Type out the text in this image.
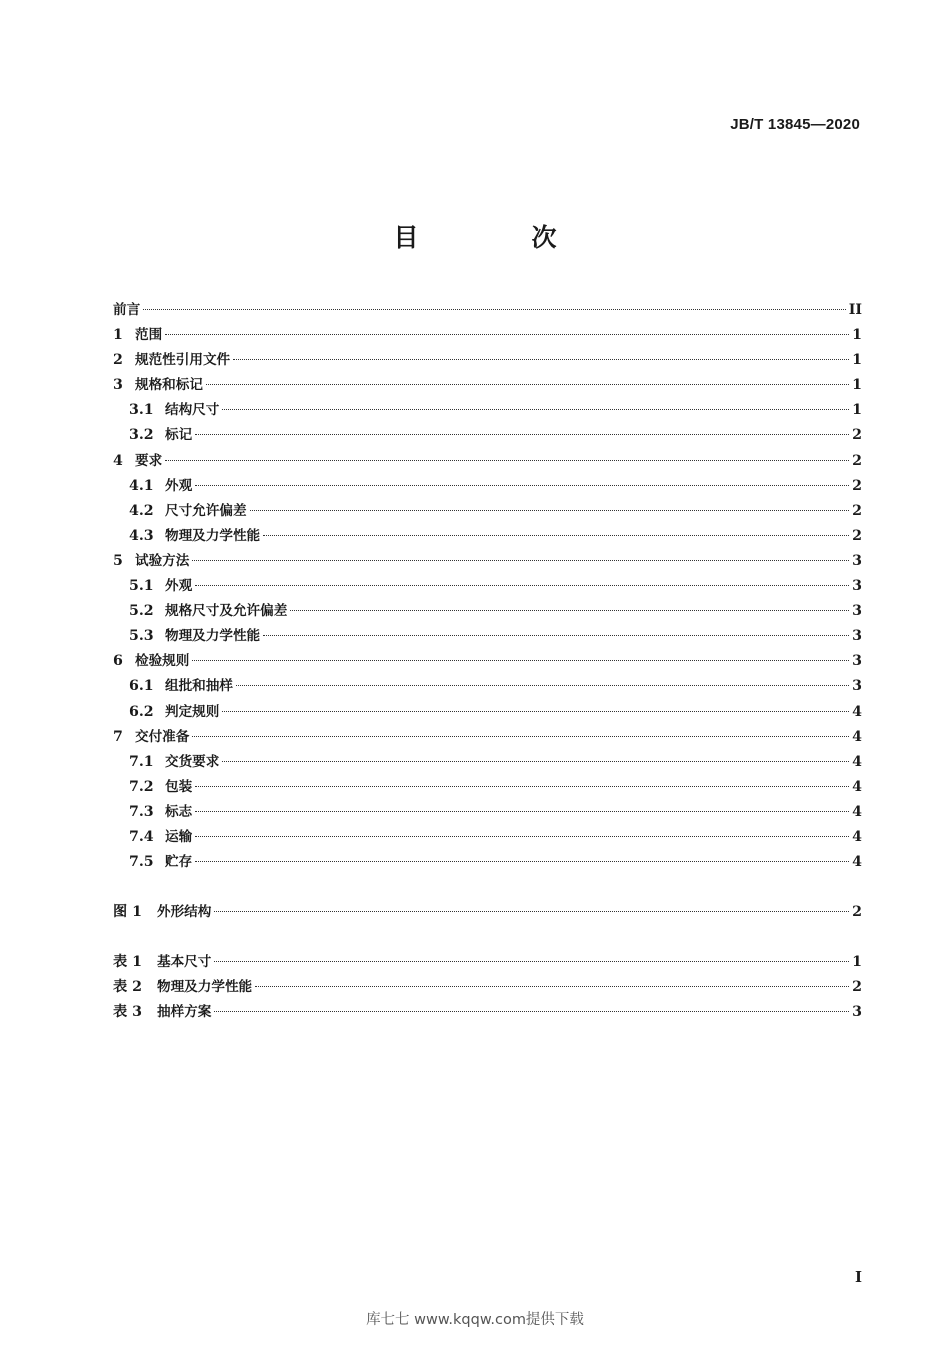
JB/T 13845—2020
目　次
前言	II
1 范围	1
2 规范性引用文件	1
3 规格和标记	1
3.1 结构尺寸	1
3.2 标记	2
4 要求	2
4.1 外观	2
4.2 尺寸允许偏差	2
4.3 物理及力学性能	2
5 试验方法	3
5.1 外观	3
5.2 规格尺寸及允许偏差	3
5.3 物理及力学性能	3
6 检验规则	3
6.1 组批和抽样	3
6.2 判定规则	4
7 交付准备	4
7.1 交货要求	4
7.2 包装	4
7.3 标志	4
7.4 运输	4
7.5 贮存	4
图 1	外形结构	2
表 1	基本尺寸	1
表 2	物理及力学性能	2
表 3	抽样方案	3
I
库七七 www.kqqw.com提供下载
